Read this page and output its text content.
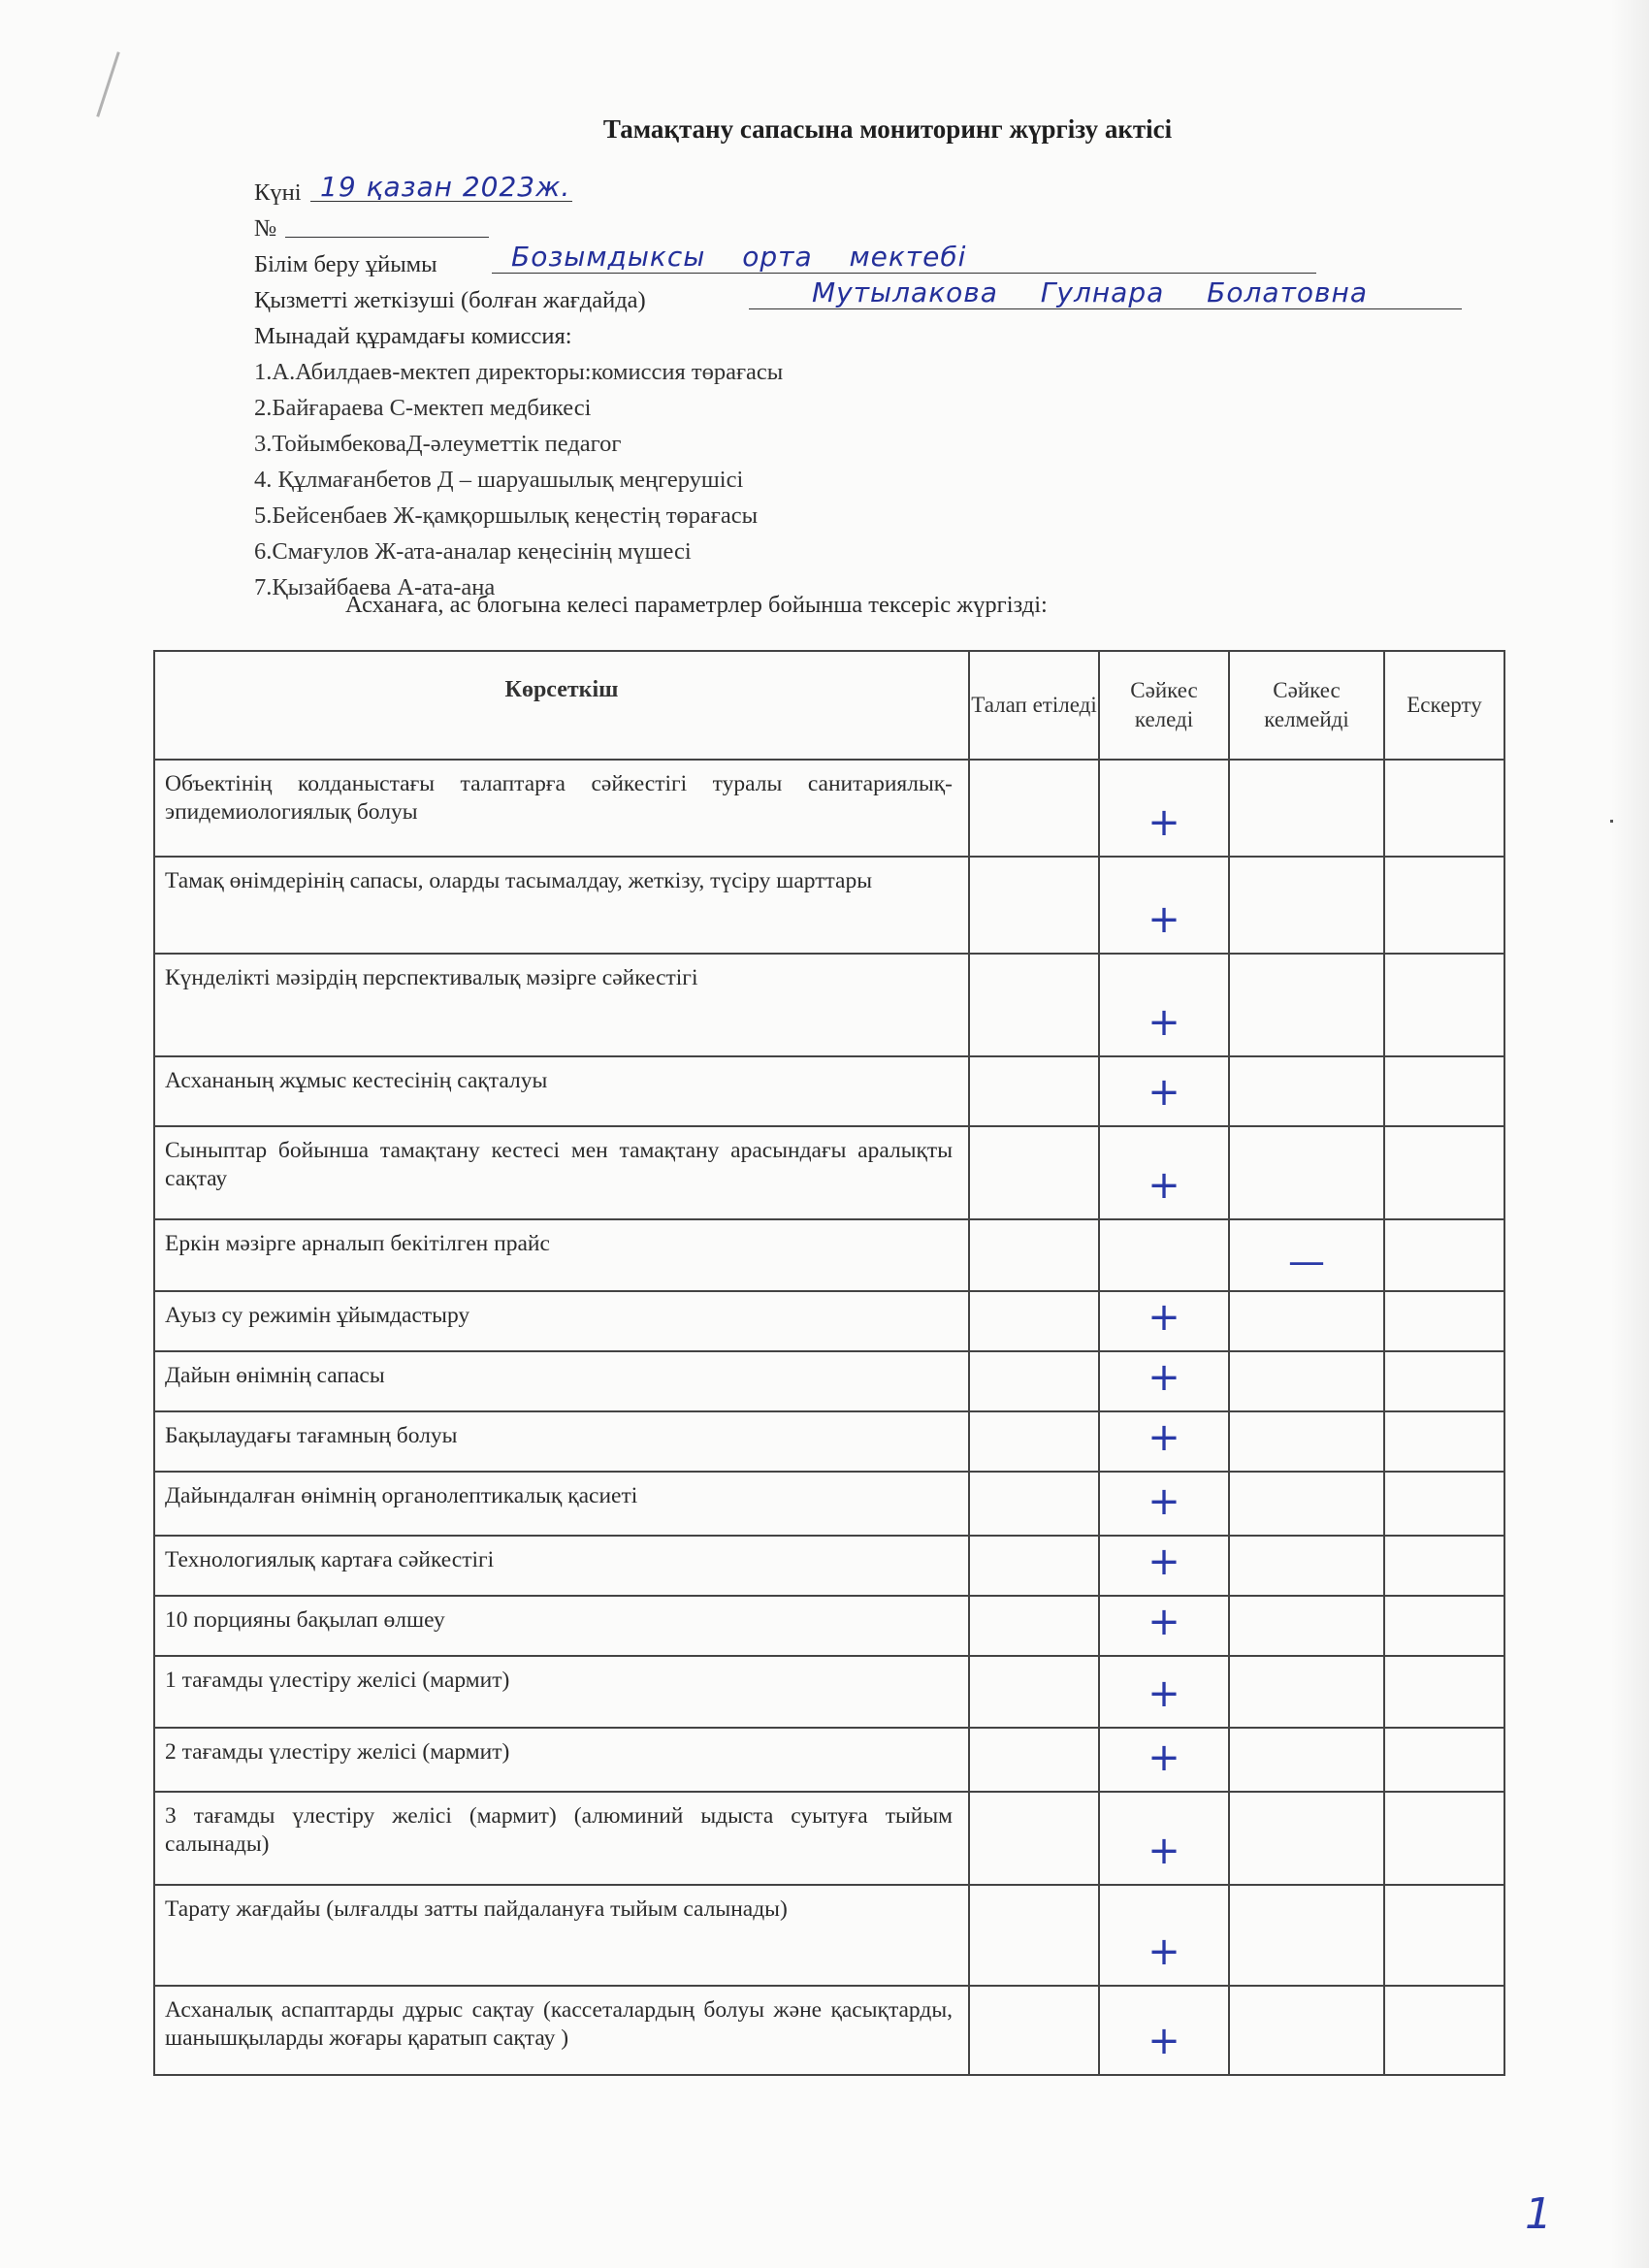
Тамақтану сапасына мониторинг жүргізу актісі
Күні 19 қазан 2023ж.
№
Білім беру ұйымы	Бозымдыксы орта мектебі
Қызметті жеткізуші (болған жағдайда)	Мутылакова Гулнара Болатовна
Мынадай құрамдағы комиссия:
1.А.Абилдаев-мектеп директоры:комиссия төрағасы
2.Байғараева С-мектеп медбикесі
3.ТойымбековаД-әлеуметтік педагог
4. Құлмағанбетов Д – шаруашылық меңгерушісі
5.Бейсенбаев Ж-қамқоршылық кеңестің төрағасы
6.Смағулов Ж-ата-аналар кеңесінің мүшесі
7.Қызайбаева А-ата-ана
Асханаға, ас блогына келесі параметрлер бойынша тексеріс жүргізді:
Көрсеткіш	Талап етіледі	Сәйкес келеді	Сәйкес келмейді	Ескерту
Объектінің колданыстағы талаптарға сәйкестігі туралы санитариялық-эпидемиологиялық болуы		+		

Тамақ өнімдерінің сапасы, оларды тасымалдау, жеткізу, түсіру шарттары		+		

Күнделікті мәзірдің перспективалық мәзірге сәйкестігі		+		

Асхананың жұмыс кестесінің сақталуы		+		

Сыныптар бойынша тамақтану кестесі мен тамақтану арасындағы аралықты сақтау		+		

Еркін мәзірге арналып бекітілген прайс			—	

Ауыз су режимін ұйымдастыру		+		

Дайын өнімнің сапасы		+		

Бақылаудағы тағамның болуы		+		

Дайындалған өнімнің органолептикалық қасиеті		+		

Технологиялық картаға сәйкестігі		+		

10 порцияны бақылап өлшеу		+		

1 тағамды үлестіру желісі (мармит)		+		

2 тағамды үлестіру желісі (мармит)		+		

3 тағамды үлестіру желісі (мармит) (алюминий ыдыста суытуға тыйым салынады)		+		

Тарату жағдайы (ылғалды затты пайдалануға тыйым салынады)		+		

Асханалық аспаптарды дұрыс сақтау (кассеталардың болуы және қасықтарды, шанышқыларды жоғары қаратып сақтау )		+		

1
